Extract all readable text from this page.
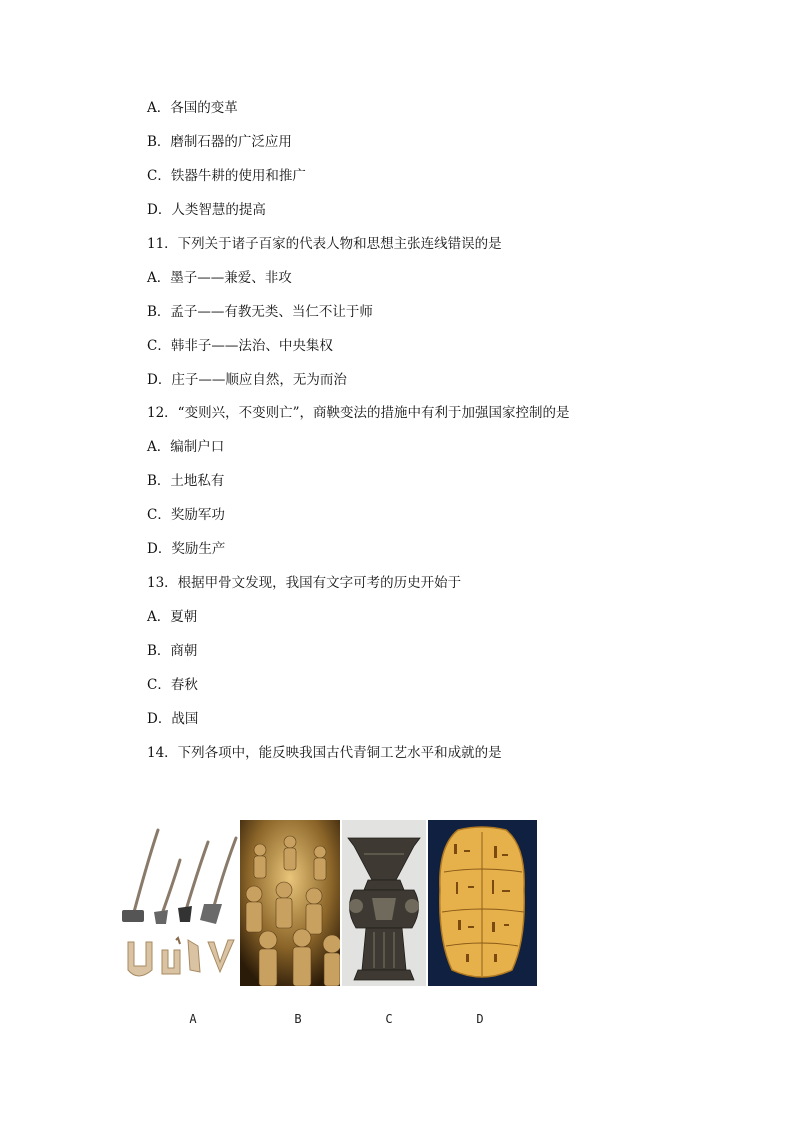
A．各国的变革
B．磨制石器的广泛应用
C．铁器牛耕的使用和推广
D．人类智慧的提高
11．下列关于诸子百家的代表人物和思想主张连线错误的是
A．墨子——兼爱、非攻
B．孟子——有教无类、当仁不让于师
C．韩非子——法治、中央集权
D．庄子——顺应自然，无为而治
12．“变则兴，不变则亡”，商鞅变法的措施中有利于加强国家控制的是
A．编制户口
B．土地私有
C．奖励军功
D．奖励生产
13．根据甲骨文发现，我国有文字可考的历史开始于
A．夏朝
B．商朝
C．春秋
D．战国
14．下列各项中，能反映我国古代青铜工艺水平和成就的是
A	B	C	D
